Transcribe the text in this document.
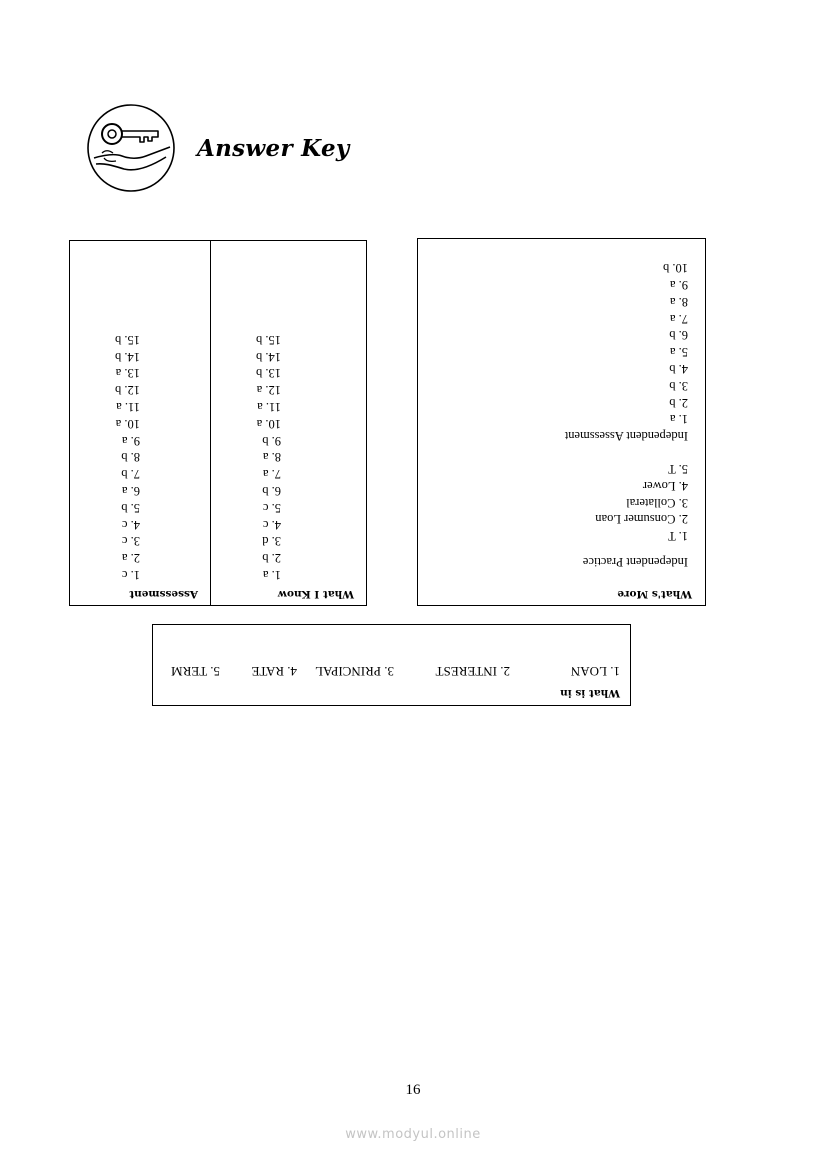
Answer Key
Assessment
1. c
2. a
3. c
4. c
5. b
6. a
7. b
8. b
9. a
10. a
11. a
12. b
13. a
14. b
15. b
What I Know
1. a
2. b
3. d
4. c
5. c
6. b
7. a
8. a
9. b
10. a
11. a
12. a
13. b
14. b
15. b
What's More
Independent Practice
1. T
2. Consumer Loan
3. Collateral
4. Lower
5. T
Independent Assessment
1. a
2. b
3. b
4. b
5. a
6. b
7. a
8. a
9. a
10. b
What is in
1. LOAN
2. INTEREST
3. PRINCIPAL
4. RATE
5. TERM
16
www.modyul.online
